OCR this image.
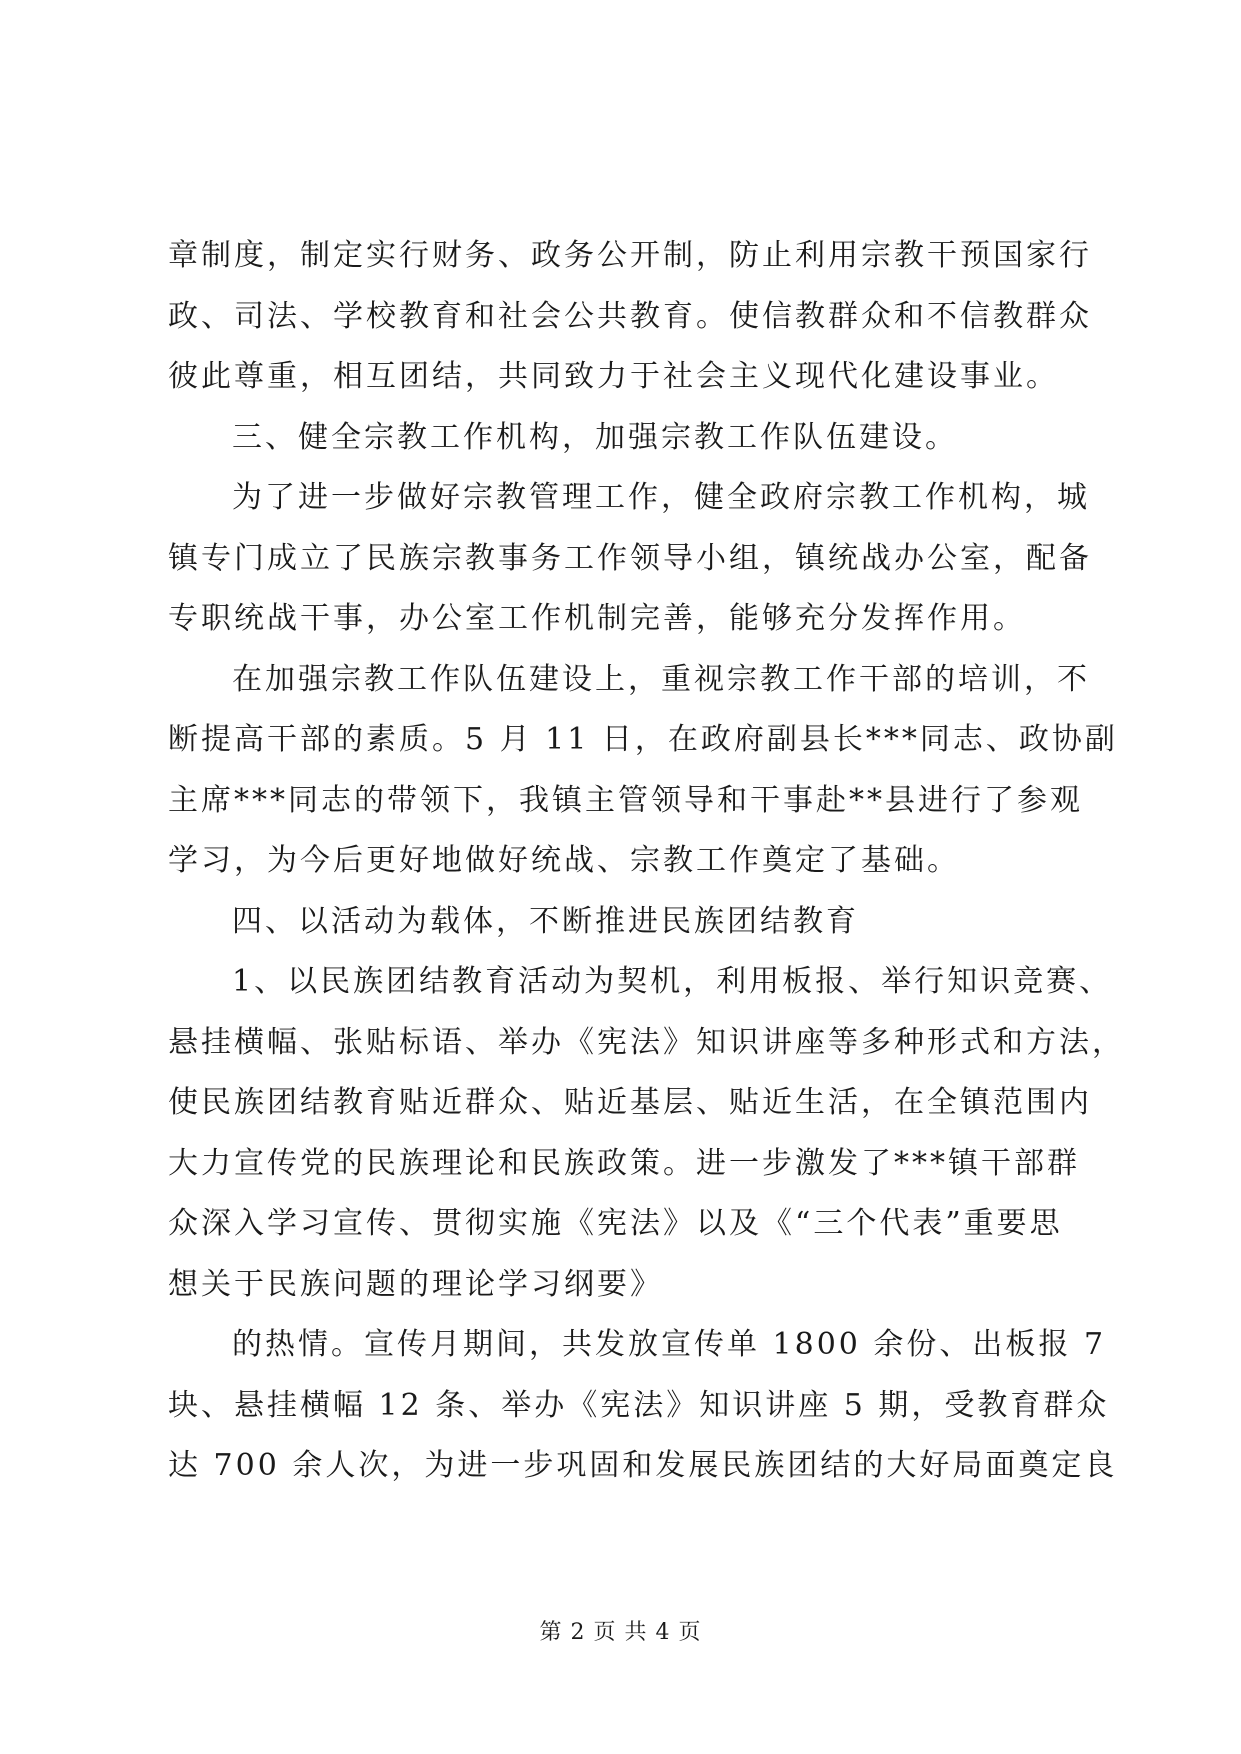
章制度，制定实行财务、政务公开制，防止利用宗教干预国家行
政、司法、学校教育和社会公共教育。使信教群众和不信教群众
彼此尊重，相互团结，共同致力于社会主义现代化建设事业。
三、健全宗教工作机构，加强宗教工作队伍建设。
为了进一步做好宗教管理工作，健全政府宗教工作机构，城
镇专门成立了民族宗教事务工作领导小组，镇统战办公室，配备
专职统战干事，办公室工作机制完善，能够充分发挥作用。
在加强宗教工作队伍建设上，重视宗教工作干部的培训，不
断提高干部的素质。5 月 11 日，在政府副县长***同志、政协副
主席***同志的带领下，我镇主管领导和干事赴**县进行了参观
学习，为今后更好地做好统战、宗教工作奠定了基础。
四、以活动为载体，不断推进民族团结教育
1、以民族团结教育活动为契机，利用板报、举行知识竞赛、
悬挂横幅、张贴标语、举办《宪法》知识讲座等多种形式和方法，
使民族团结教育贴近群众、贴近基层、贴近生活，在全镇范围内
大力宣传党的民族理论和民族政策。进一步激发了***镇干部群
众深入学习宣传、贯彻实施《宪法》以及《“三个代表”重要思
想关于民族问题的理论学习纲要》
的热情。宣传月期间，共发放宣传单 1800 余份、出板报 7
块、悬挂横幅 12 条、举办《宪法》知识讲座 5 期，受教育群众
达 700 余人次，为进一步巩固和发展民族团结的大好局面奠定良
第 2 页 共 4 页
